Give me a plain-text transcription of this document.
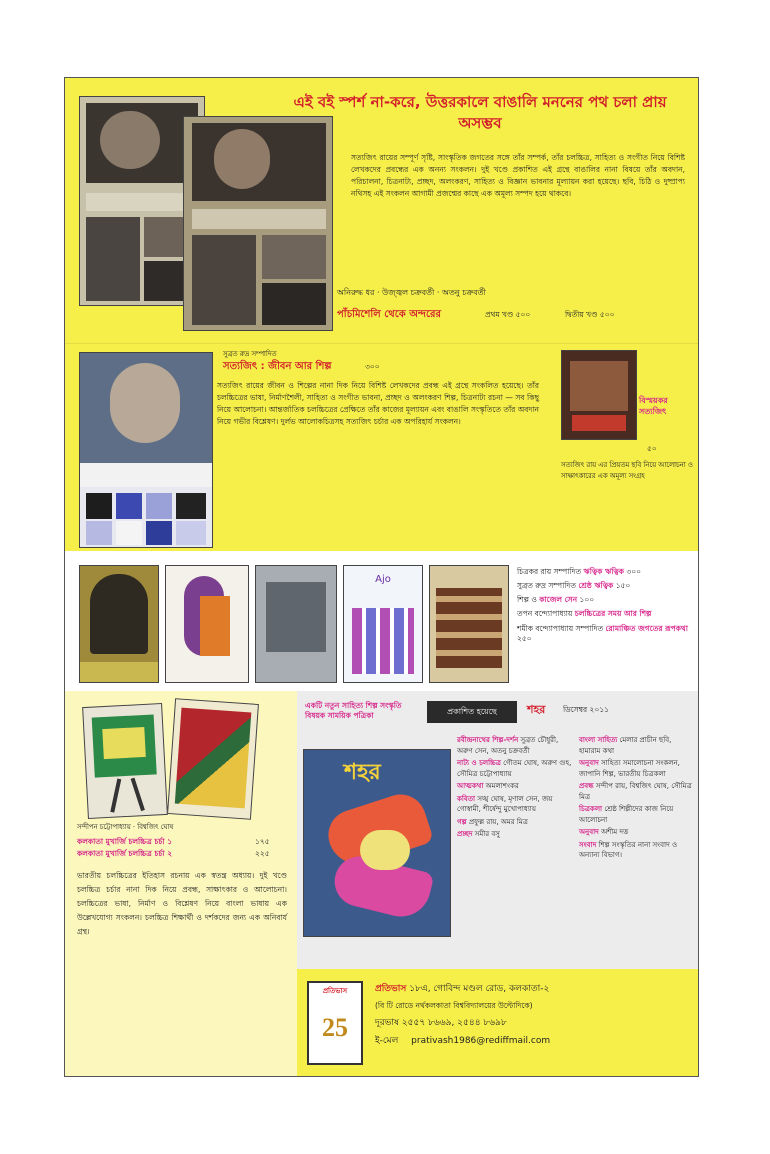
এই বই স্পর্শ না-করে, উত্তরকালে বাঙালি মননের পথ চলা প্রায় অসম্ভব
সত্যজিৎ রায়ের সম্পূর্ণ সৃষ্টি, সাংস্কৃতিক জগতের সঙ্গে তাঁর সম্পর্ক, তাঁর চলচ্চিত্র, সাহিত্য ও সংগীত নিয়ে বিশিষ্ট লেখকদের প্রবন্ধের এক অনন্য সংকলন। দুই খণ্ডে প্রকাশিত এই গ্রন্থে বাঙালির নানা বিষয়ে তাঁর অবদান, পরিচালনা, চিত্রনাট্য, প্রচ্ছদ, অলংকরণ, সাহিত্য ও বিজ্ঞান ভাবনার মূল্যায়ন করা হয়েছে। ছবি, চিঠি ও দুষ্প্রাপ্য নথিসহ এই সংকলন আগামী প্রজন্মের কাছে এক অমূল্য সম্পদ হয়ে থাকবে।
অনিরুদ্ধ ধর · উজ্জ্বল চক্রবর্তী · অতনু চক্রবর্তী
পাঁচমিশেলি থেকে অন্দরের	প্রথম খণ্ড ৫০০	দ্বিতীয় খণ্ড ৫০০
সুব্রত রুদ্র সম্পাদিত
সত্যজিৎ : জীবন আর শিল্প	৩০০
সত্যজিৎ রায়ের জীবন ও শিল্পের নানা দিক নিয়ে বিশিষ্ট লেখকদের প্রবন্ধ এই গ্রন্থে সংকলিত হয়েছে। তাঁর চলচ্চিত্রের ভাষা, নির্মাণশৈলী, সাহিত্য ও সংগীত ভাবনা, প্রচ্ছদ ও অলংকরণ শিল্প, চিত্রনাট্য রচনা — সব কিছু নিয়ে আলোচনা। আন্তর্জাতিক চলচ্চিত্রের প্রেক্ষিতে তাঁর কাজের মূল্যায়ন এবং বাঙালি সংস্কৃতিতে তাঁর অবদান নিয়ে গভীর বিশ্লেষণ। দুর্লভ আলোকচিত্রসহ সত্যজিৎ চর্চার এক অপরিহার্য সংকলন।
বিস্ময়কর সত্যজিৎ
৫০
সত্যজিৎ রায় এর প্রিয়তম ছবি নিয়ে আলোচনা ও সাক্ষাৎকারের এক অমূল্য সংগ্রহ
Ajo
চিত্রকর রায় সম্পাদিত ঋত্বিক ঋত্বিক ৩০০
সুব্রত রুদ্র সম্পাদিত শ্রেষ্ঠ ঋত্বিক ১৫০
শিল্প ও কাজেল সেন ১০০
তপন বন্দ্যোপাধ্যায় চলচ্চিত্রের সময় আর শিল্প
শমীক বন্দ্যোপাধ্যায় সম্পাদিত রোমাঞ্চিত জগতের রূপকথা ২৫০
সন্দীপন চট্টোপাধ্যায় · বিশ্বজিৎ ঘোষ
কলকাতা মুখার্জি চলচ্চিত্র চর্চা ১	১৭৫
কলকাতা মুখার্জি চলচ্চিত্র চর্চা ২	২২৫
ভারতীয় চলচ্চিত্রের ইতিহাস রচনায় এক স্বতন্ত্র অধ্যায়। দুই খণ্ডে চলচ্চিত্র চর্চার নানা দিক নিয়ে প্রবন্ধ, সাক্ষাৎকার ও আলোচনা। চলচ্চিত্রের ভাষা, নির্মাণ ও বিশ্লেষণ নিয়ে বাংলা ভাষায় এক উল্লেখযোগ্য সংকলন। চলচ্চিত্র শিক্ষার্থী ও দর্শকদের জন্য এক অনিবার্য গ্রন্থ।
একটি নতুন সাহিত্য শিল্প সংস্কৃতি বিষয়ক সাময়িক পত্রিকা	প্রকাশিত হয়েছে	শহর ডিসেম্বর ২০১১
শহর
রবীন্দ্রনাথের শিল্প-দর্শন সুব্রত চৌধুরী, অরুণ সেন, অতনু চক্রবর্তী
নাট্য ও চলচ্চিত্র গৌতম ঘোষ, অরুণ গুহ, সৌমিত্র চট্টোপাধ্যায়
আত্মকথা অমলাশংকর
কবিতা সঙ্খ ঘোষ, মৃণাল সেন, জয় গোস্বামী, শীর্ষেন্দু মুখোপাধ্যায়
গল্প প্রফুল্ল রায়, অমর মিত্র
প্রচ্ছদ সমীর বসু
বাংলা সাহিত্য মেলার প্রাচীন ছবি, হামারাম কথা
অনুবাদ সাহিত্য সমালোচনা সংকলন, জাপানি শিল্প, ভারতীয় চিত্রকলা
প্রবন্ধ সন্দীপ রায়, বিশ্বজিৎ ঘোষ, সৌমিত্র মিত্র
চিত্রকলা শ্রেষ্ঠ শিল্পীদের কাজ নিয়ে আলোচনা
অনুবাদ অশীম দত্ত
সংবাদ শিল্প সংস্কৃতির নানা সংবাদ ও অন্যান্য বিভাগ।
প্রতিভাস
25
প্রতিভাস ১৮এ, গোবিন্দ মণ্ডল রোড, কলকাতা-২
(বি টি রোডে নর্থকলকাতা বিশ্ববিদ্যালয়ের উল্টোদিকে)
দূরভাষ ২৫৫৭ ৮৬৬৯, ২৫৪৪ ৮৬৯৮
ই-মেল prativash1986@rediffmail.com
